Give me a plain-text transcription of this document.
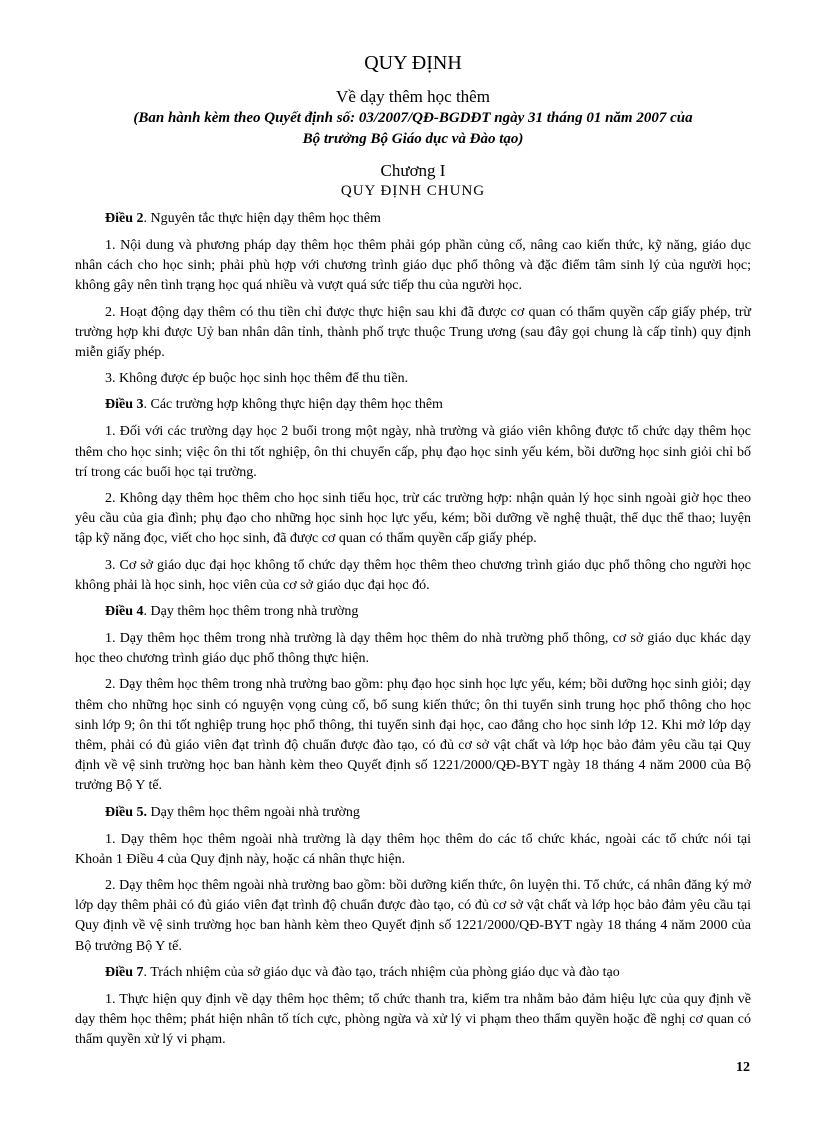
QUY ĐỊNH
Về dạy thêm học thêm
(Ban hành kèm theo Quyết định số: 03/2007/QĐ-BGDĐT ngày 31 tháng 01 năm 2007 của
Bộ trưởng Bộ Giáo dục và Đào tạo)
Chương I
QUY ĐỊNH CHUNG
Điều 2. Nguyên tắc thực hiện dạy thêm học thêm

1. Nội dung và phương pháp dạy thêm học thêm phải góp phần củng cố, nâng cao kiến thức, kỹ năng, giáo dục nhân cách cho học sinh; phải phù hợp với chương trình giáo dục phổ thông và đặc điểm tâm sinh lý của người học; không gây nên tình trạng học quá nhiều và vượt quá sức tiếp thu của người học.

2. Hoạt động dạy thêm có thu tiền chỉ được thực hiện sau khi đã được cơ quan có thẩm quyền cấp giấy phép, trừ trường hợp khi được Uỷ ban nhân dân tỉnh, thành phố trực thuộc Trung ương (sau đây gọi chung là cấp tỉnh) quy định miễn giấy phép.

3. Không được ép buộc học sinh học thêm để thu tiền.

Điều 3. Các trường hợp không thực hiện dạy thêm học thêm

1. Đối với các trường dạy học 2 buổi trong một ngày, nhà trường và giáo viên không được tổ chức dạy thêm học thêm cho học sinh; việc ôn thi tốt nghiệp, ôn thi chuyển cấp, phụ đạo học sinh yếu kém, bồi dưỡng học sinh giỏi chỉ bố trí trong các buổi học tại trường.

2. Không dạy thêm học thêm cho học sinh tiểu học, trừ các trường hợp: nhận quản lý học sinh ngoài giờ học theo yêu cầu của gia đình; phụ đạo cho những học sinh học lực yếu, kém; bồi dưỡng về nghệ thuật, thể dục thể thao; luyện tập kỹ năng đọc, viết cho học sinh, đã được cơ quan có thẩm quyền cấp giấy phép.

3. Cơ sở giáo dục đại học không tổ chức dạy thêm học thêm theo chương trình giáo dục phổ thông cho người học không phải là học sinh, học viên của cơ sở giáo dục đại học đó.

Điều 4. Dạy thêm học thêm trong nhà trường

1. Dạy thêm học thêm trong nhà trường là dạy thêm học thêm do nhà trường phổ thông, cơ sở giáo dục khác dạy học theo chương trình giáo dục phổ thông thực hiện.

2. Dạy thêm học thêm trong nhà trường bao gồm: phụ đạo học sinh học lực yếu, kém; bồi dưỡng học sinh giỏi; dạy thêm cho những học sinh có nguyện vọng củng cố, bổ sung kiến thức; ôn thi tuyển sinh trung học phổ thông cho học sinh lớp 9; ôn thi tốt nghiệp trung học phổ thông, thi tuyển sinh đại học, cao đẳng cho học sinh lớp 12. Khi mở lớp dạy thêm, phải có đủ giáo viên đạt trình độ chuẩn được đào tạo, có đủ cơ sở vật chất và lớp học bảo đảm yêu cầu tại Quy định về vệ sinh trường học ban hành kèm theo Quyết định số 1221/2000/QĐ-BYT ngày 18 tháng 4 năm 2000 của Bộ trưởng Bộ Y tế.

Điều 5. Dạy thêm học thêm ngoài nhà trường

1. Dạy thêm học thêm ngoài nhà trường là dạy thêm học thêm do các tổ chức khác, ngoài các tổ chức nói tại Khoản 1 Điều 4 của Quy định này, hoặc cá nhân thực hiện.

2. Dạy thêm học thêm ngoài nhà trường bao gồm: bồi dưỡng kiến thức, ôn luyện thi. Tổ chức, cá nhân đăng ký mở lớp dạy thêm phải có đủ giáo viên đạt trình độ chuẩn được đào tạo, có đủ cơ sở vật chất và lớp học bảo đảm yêu cầu tại Quy định về vệ sinh trường học ban hành kèm theo Quyết định số 1221/2000/QĐ-BYT ngày 18 tháng 4 năm 2000 của Bộ trưởng Bộ Y tế.

Điều 7. Trách nhiệm của sở giáo dục và đào tạo, trách nhiệm của phòng giáo dục và đào tạo

1. Thực hiện quy định về dạy thêm học thêm; tổ chức thanh tra, kiểm tra nhằm bảo đảm hiệu lực của quy định về dạy thêm học thêm; phát hiện nhân tố tích cực, phòng ngừa và xử lý vi phạm theo thẩm quyền hoặc đề nghị cơ quan có thẩm quyền xử lý vi phạm.

12
